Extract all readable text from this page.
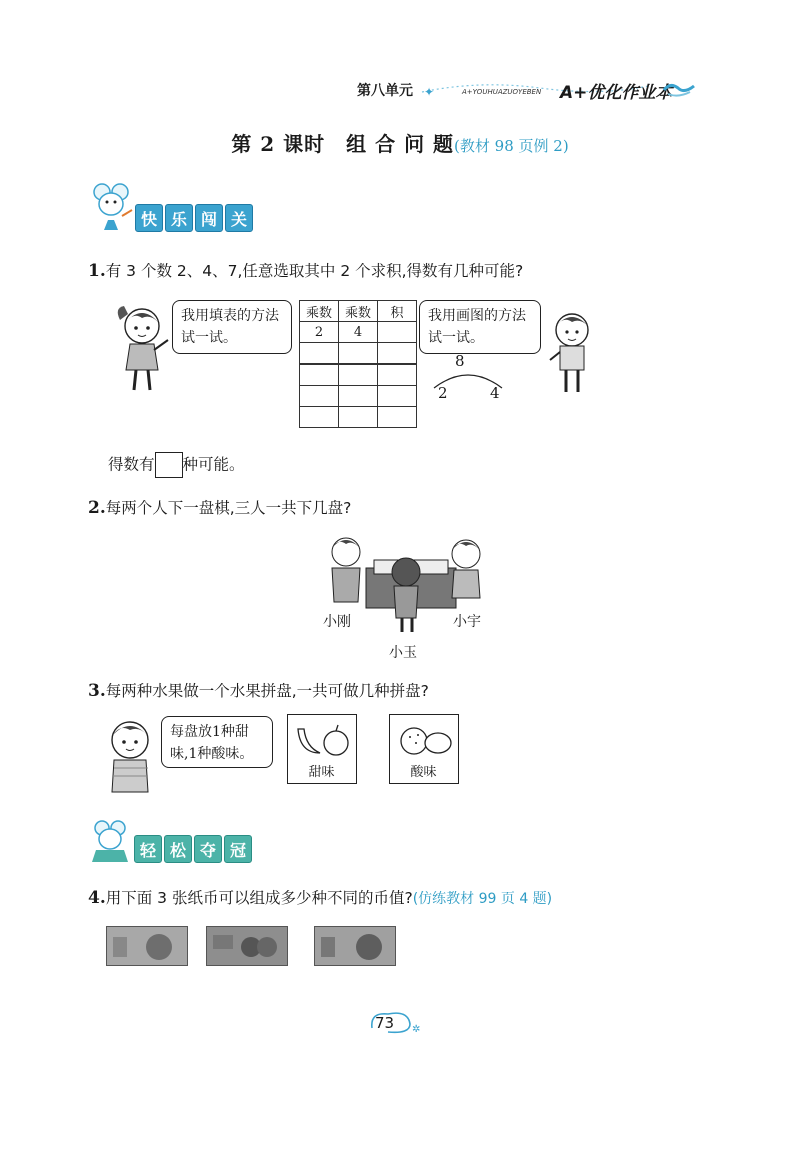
第八单元 ✦	A+YOUHUAZUOYEBEN A+优化作业本
第 2 课时　组 合 问 题(教材 98 页例 2)
快 乐 闯 关
1.有 3 个数 2、4、7,任意选取其中 2 个求积,得数有几种可能?
我用填表的方法试一试。
乘数	乘数	积
2	4	

我用画图的方法试一试。
8
2	4
得数有 种可能。
2.每两个人下一盘棋,三人一共下几盘?
小刚	小宇
小玉
3.每两种水果做一个水果拼盘,一共可做几种拼盘?
每盘放1种甜味,1种酸味。
甜味	酸味
轻 松 夺 冠
4.用下面 3 张纸币可以组成多少种不同的币值?(仿练教材 99 页 4 题)
✲
73
